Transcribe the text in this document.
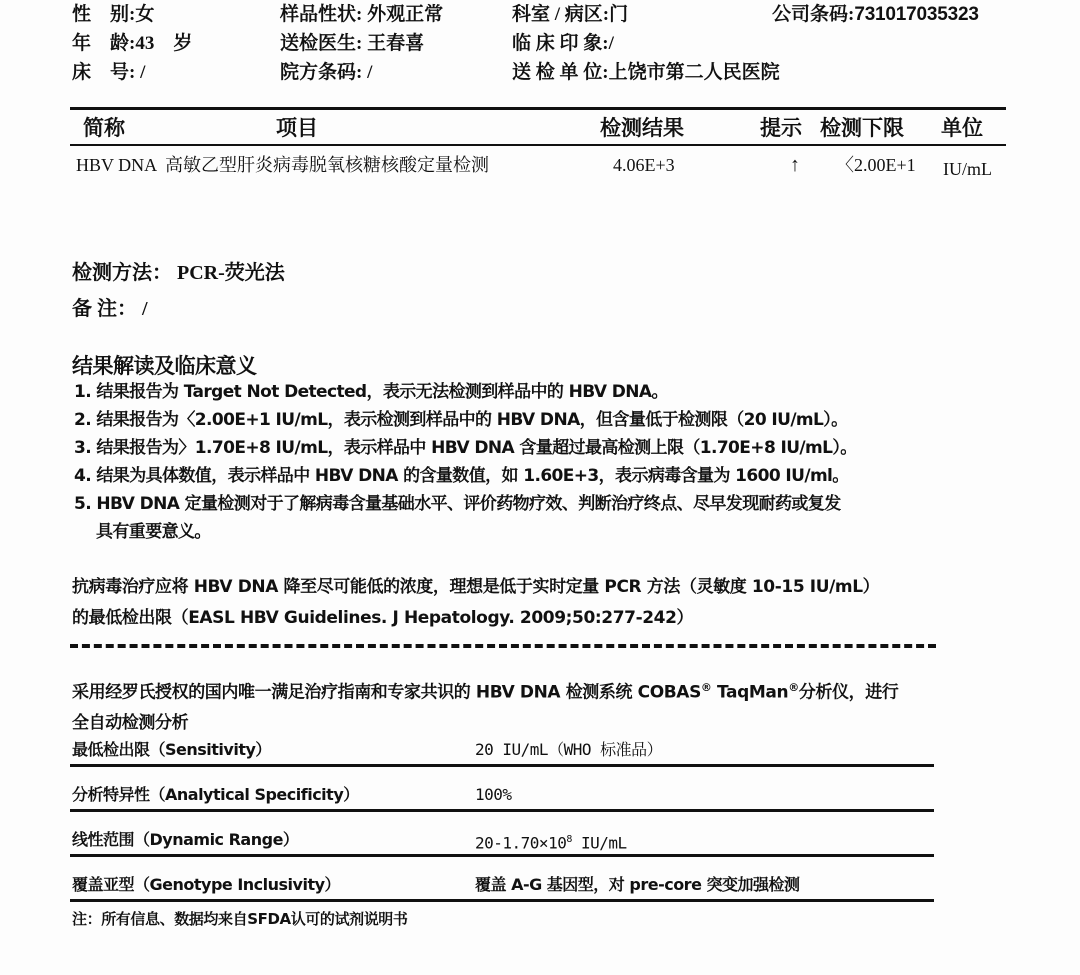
性　别:女	样品性状: 外观正常	科室 / 病区:门	公司条码:731017035323
年　龄:43　岁	送检医生: 王春喜	临 床 印 象:/
床　号: /	院方条码: /	送 检 单 位:上饶市第二人民医院
简称	项目	检测结果	提示 检测下限 单位
HBV DNA 高敏乙型肝炎病毒脱氧核糖核酸定量检测	4.06E+3	↑ 〈2.00E+1 IU/mL
检测方法： PCR-荧光法
备 注： /
结果解读及临床意义
1. 结果报告为 Target Not Detected，表示无法检测到样品中的 HBV DNA。
2. 结果报告为〈2.00E+1 IU/mL，表示检测到样品中的 HBV DNA，但含量低于检测限（20 IU/mL）。
3. 结果报告为〉1.70E+8 IU/mL，表示样品中 HBV DNA 含量超过最高检测上限（1.70E+8 IU/mL）。
4. 结果为具体数值，表示样品中 HBV DNA 的含量数值，如 1.60E+3，表示病毒含量为 1600 IU/ml。
5. HBV DNA 定量检测对于了解病毒含量基础水平、评价药物疗效、判断治疗终点、尽早发现耐药或复发
具有重要意义。
抗病毒治疗应将 HBV DNA 降至尽可能低的浓度，理想是低于实时定量 PCR 方法（灵敏度 10-15 IU/mL）
的最低检出限（EASL HBV Guidelines. J Hepatology. 2009;50:277-242）
采用经罗氏授权的国内唯一满足治疗指南和专家共识的 HBV DNA 检测系统 COBAS® TaqMan®分析仪，进行
全自动检测分析
最低检出限（Sensitivity）	20 IU/mL（WHO 标准品）
分析特异性（Analytical Specificity）	100%
线性范围（Dynamic Range）	$20-1.70\times 10^8$ IU/mL
覆盖亚型（Genotype Inclusivity）	覆盖 A-G 基因型，对 pre-core 突变加强检测
注：所有信息、数据均来自SFDA认可的试剂说明书
